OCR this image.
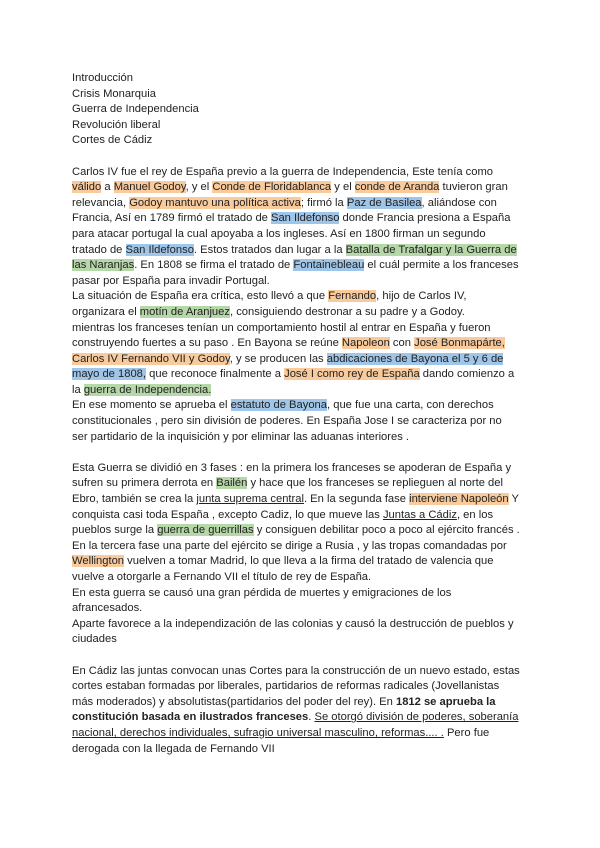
Introducción
Crisis Monarquia
Guerra de Independencia
Revolución liberal
Cortes de Cádiz

Carlos IV fue el rey de España previo a la guerra de Independencia, Este tenía como válido a Manuel Godoy, y el Conde de Floridablanca y el conde de Aranda tuvieron gran relevancia, Godoy mantuvo una política activa; firmó la Paz de Basilea, aliándose con Francia, Así en 1789 firmó el tratado de San Ildefonso donde Francia presiona a España para atacar portugal la cual apoyaba a los ingleses. Así en 1800 firman un segundo tratado de San Ildefonso. Estos tratados dan lugar a la Batalla de Trafalgar y la Guerra de las Naranjas. En 1808 se firma el tratado de Fontainebleau el cuál permite a los franceses pasar por España para invadir Portugal.

La situación de España era crítica, esto llevó a que Fernando, hijo de Carlos IV, organizara el motín de Aranjuez, consiguiendo destronar a su padre y a Godoy.
mientras los franceses tenían un comportamiento hostil al entrar en España y fueron construyendo fuertes a su paso . En Bayona se reúne Napoleon con José Bonmapárte, Carlos IV Fernando VII y Godoy, y se producen las abdicaciones de Bayona el 5 y 6 de mayo de 1808, que reconoce finalmente a José I como rey de España dando comienzo a la guerra de Independencia.
En ese momento se aprueba el estatuto de Bayona, que fue una carta, con derechos constitucionales , pero sin división de poderes. En España Jose I se caracteriza por no ser partidario de la inquisición y por eliminar las aduanas interiores .

Esta Guerra se dividió en 3 fases : en la primera los franceses se apoderan de España y sufren su primera derrota en Bailén y hace que los franceses se replieguen al norte del Ebro, también se crea la junta suprema central. En la segunda fase interviene Napoleón Y conquista casi toda España , excepto Cadiz, lo que mueve las Juntas a Cádiz, en los pueblos surge la guerra de guerrillas y consiguen debilitar poco a poco al ejército francés .
En la tercera fase una parte del ejército se dirige a Rusia , y las tropas comandadas por Wellington vuelven a tomar Madrid, lo que lleva a la firma del tratado de valencia que vuelve a otorgarle a Fernando VII el título de rey de España.
En esta guerra se causó una gran pérdida de muertes y emigraciones de los afrancesados.
Aparte favorece a la independización de las colonias y causó la destrucción de pueblos y ciudades

En Cádiz las juntas convocan unas Cortes para la construcción de un nuevo estado, estas cortes estaban formadas por liberales, partidarios de reformas radicales (Jovellanistas más moderados) y absolutistas(partidarios del poder del rey). En 1812 se aprueba la constitución basada en ilustrados franceses. Se otorgó división de poderes, soberanía nacional, derechos individuales, sufragio universal masculino, reformas.... . Pero fue derogada con la llegada de Fernando VII
